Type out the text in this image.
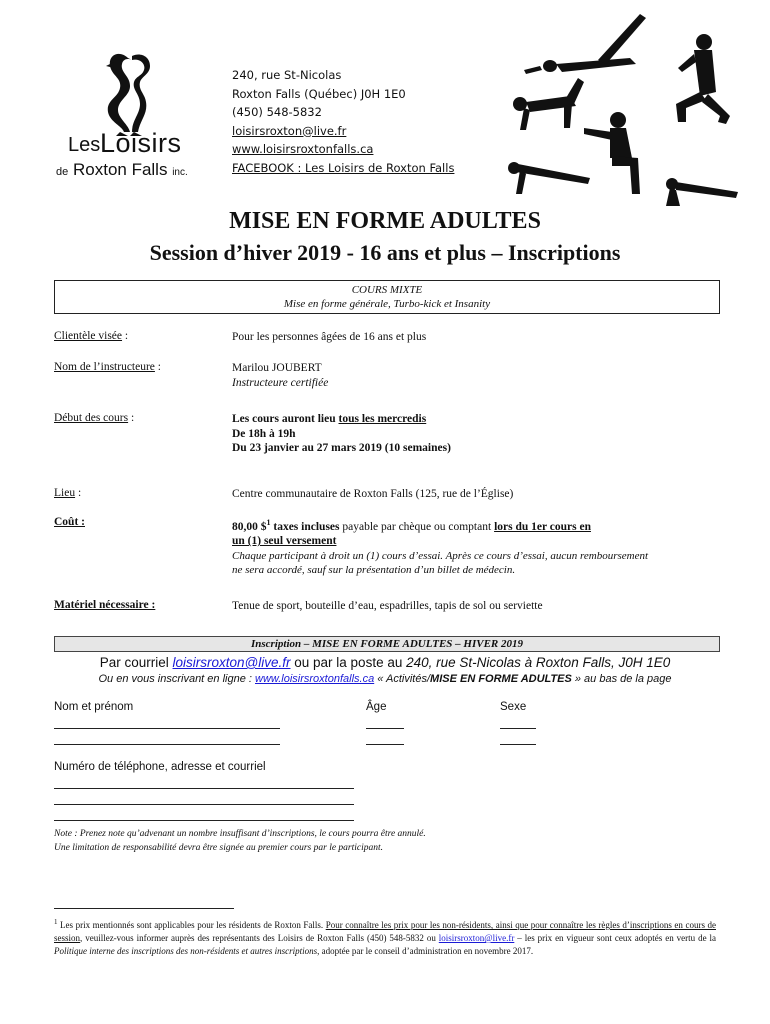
Les Loisirs
de Roxton Falls inc.
240, rue St-Nicolas
Roxton Falls (Québec) J0H 1E0
(450) 548-5832
loisirsroxton@live.fr
www.loisirsroxtonfalls.ca
FACEBOOK : Les Loisirs de Roxton Falls
MISE EN FORME ADULTES
Session d’hiver 2019 - 16 ans et plus – Inscriptions
COURS MIXTE
Mise en forme générale, Turbo-kick et Insanity
Clientèle visée :	Pour les personnes âgées de 16 ans et plus
Nom de l’instructeure :	Marilou JOUBERT
Instructeure certifiée
Début des cours :	Les cours auront lieu tous les mercredis
De 18h à 19h
Du 23 janvier au 27 mars 2019 (10 semaines)
Lieu :	Centre communautaire de Roxton Falls (125, rue de l’Église)
Coût :	80,00 \$$^1$ taxes incluses payable par chèque ou comptant lors du 1er cours en
un (1) seul versement
Chaque participant à droit un (1) cours d’essai. Après ce cours d’essai, aucun remboursement
ne sera accordé, sauf sur la présentation d’un billet de médecin.
Matériel nécessaire :	Tenue de sport, bouteille d’eau, espadrilles, tapis de sol ou serviette
Inscription – MISE EN FORME ADULTES – HIVER 2019
Par courriel loisirsroxton@live.fr ou par la poste au 240, rue St-Nicolas à Roxton Falls, J0H 1E0
Ou en vous inscrivant en ligne : www.loisirsroxtonfalls.ca « Activités/MISE EN FORME ADULTES » au bas de la page
Nom et prénom	Âge	Sexe
Numéro de téléphone, adresse et courriel
Note : Prenez note qu’advenant un nombre insuffisant d’inscriptions, le cours pourra être annulé.
Une limitation de responsabilité devra être signée au premier cours par le participant.
$^1$ Les prix mentionnés sont applicables pour les résidents de Roxton Falls. Pour connaître les prix pour les non-résidents, ainsi que pour connaître les règles d’inscriptions en cours de session, veuillez-vous informer auprès des représentants des Loisirs de Roxton Falls (450) 548-5832 ou loisirsroxton@live.fr – les prix en vigueur sont ceux adoptés en vertu de la Politique interne des inscriptions des non-résidents et autres inscriptions, adoptée par le conseil d’administration en novembre 2017.
